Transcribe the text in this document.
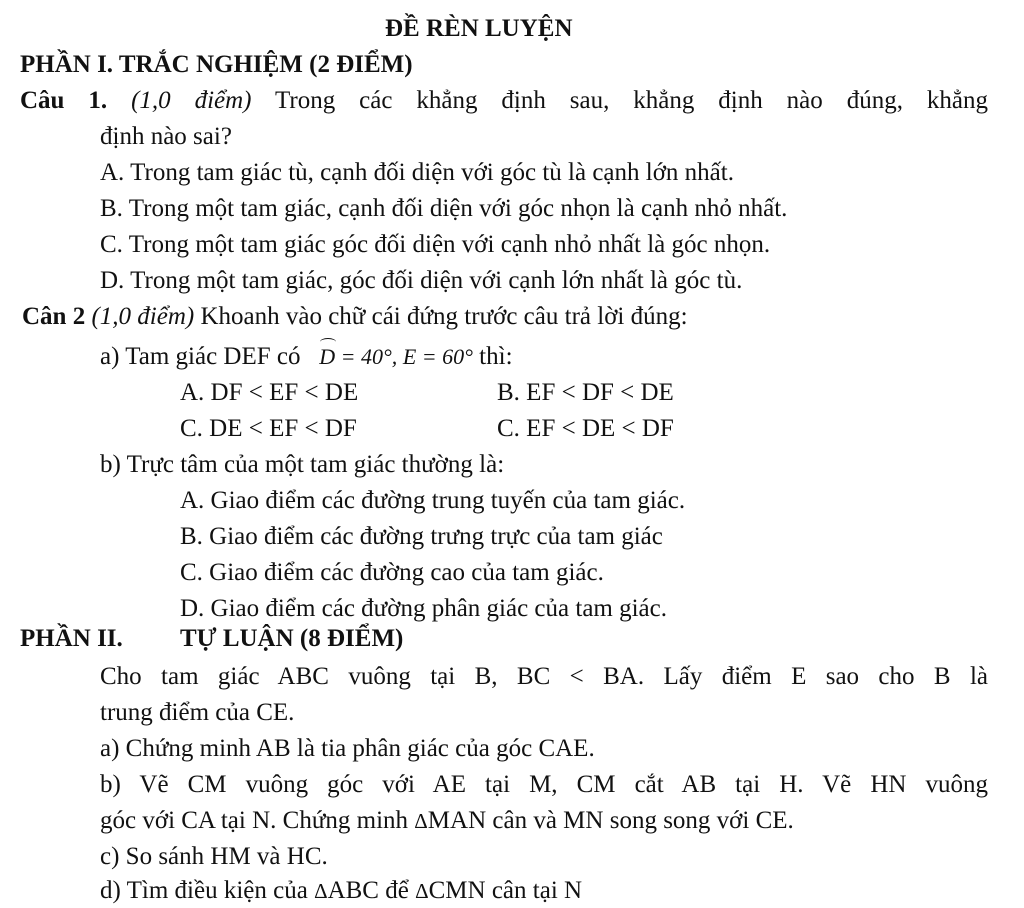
ĐỀ RÈN LUYỆN
PHẦN I. TRẮC NGHIỆM (2 ĐIỂM)
Câu 1. (1,0 điểm) Trong các khẳng định sau, khẳng định nào đúng, khẳng
định nào sai?
A. Trong tam giác tù, cạnh đối diện với góc tù là cạnh lớn nhất.
B. Trong một tam giác, cạnh đối diện với góc nhọn là cạnh nhỏ nhất.
C. Trong một tam giác góc đối diện với cạnh nhỏ nhất là góc nhọn.
D. Trong một tam giác, góc đối diện với cạnh lớn nhất là góc tù.
Cân 2 (1,0 điểm) Khoanh vào chữ cái đứng trước câu trả lời đúng:
a) Tam giác DEF có D = 40°, E = 60° thì:
A. DF < EF < DE	B. EF < DF < DE
C. DE < EF < DF	C. EF < DE < DF
b) Trực tâm của một tam giác thường là:
A. Giao điểm các đường trung tuyến của tam giác.
B. Giao điểm các đường trưng trực của tam giác
C. Giao điểm các đường cao của tam giác.
D. Giao điểm các đường phân giác của tam giác.
PHẦN II. TỰ LUẬN (8 ĐIỂM)
Cho tam giác ABC vuông tại B, BC < BA. Lấy điểm E sao cho B là
trung điểm của CE.
a) Chứng minh AB là tia phân giác của góc CAE.
b) Vẽ CM vuông góc với AE tại M, CM cắt AB tại H. Vẽ HN vuông
góc với CA tại N. Chứng minh ΔMAN cân và MN song song với CE.
c) So sánh HM và HC.
d) Tìm điều kiện của ΔABC để ΔCMN cân tại N
